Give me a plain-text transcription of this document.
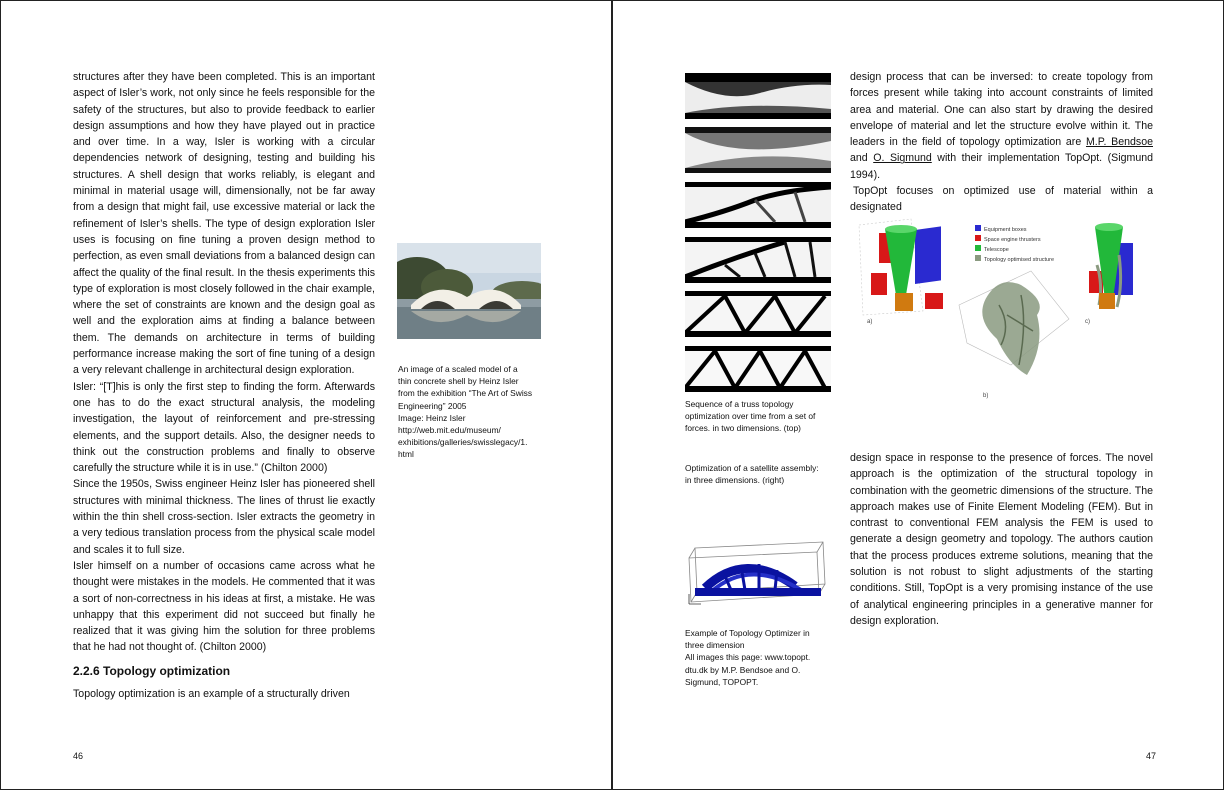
structures after they have been completed. This is an important aspect of Isler’s work, not only since he feels responsible for the safety of the structures, but also to provide feedback to earlier design assumptions and how they have played out in practice and over time. In a way, Isler is working with a circular dependencies network of designing, testing and building his structures. A shell design that works reliably, is elegant and minimal in material usage will, dimensionally, not be far away from a design that might fail, use excessive material or lack the refinement of Isler’s shells. The type of design exploration Isler uses is focusing on fine tuning a proven design method to perfection, as even small deviations from a balanced design can affect the quality of the final result. In the thesis experiments this type of exploration is most closely followed in the chair example, where the set of constraints are known and the design goal as well and the exploration aims at finding a balance between them. The demands on architecture in terms of building performance increase making the sort of fine tuning of a design a very relevant challenge in architectural design exploration.

Isler: “[T]his is only the first step to finding the form. Afterwards one has to do the exact structural analysis, the modeling investigation, the layout of reinforcement and pre-stressing elements, and the support details. Also, the designer needs to think out the construction problems and finally to observe carefully the structure while it is in use.” (Chilton 2000)

Since the 1950s, Swiss engineer Heinz Isler has pioneered shell structures with minimal thickness. The lines of thrust lie exactly within the thin shell cross-section. Isler extracts the geometry in a very tedious translation process from the physical scale model and scales it to full size.

Isler himself on a number of occasions came across what he thought were mistakes in the models. He commented that it was a sort of non-correctness in his ideas at first, a mistake. He was unhappy that this experiment did not succeed but finally he realized that it was giving him the solution for three problems that he had not thought of. (Chilton 2000)

2.2.6 Topology optimization

Topology optimization is an example of a structurally driven

An image of a scaled model of a

thin concrete shell by Heinz Isler

from the exhibition “The Art of Swiss

Engineering” 2005

Image: Heinz Isler

http://web.mit.edu/museum/

exhibitions/galleries/swisslegacy/1.

html

46

Sequence of a truss topology

optimization over time from a set of

forces. in two dimensions. (top)

Optimization of a satellite assembly:

in three dimensions. (right)

Example of Topology Optimizer in

three dimension

All images this page: www.topopt.

dtu.dk by M.P. Bendsoe and O.

Sigmund, TOPOPT.

design process that can be inversed: to create topology from forces present while taking into account constraints of limited area and material. One can also start by drawing the desired envelope of material and let the structure evolve within it. The leaders in the field of topology optimization are M.P. Bendsoe and O. Sigmund with their implementation TopOpt. (Sigmund 1994).

TopOpt focuses on optimized use of material within a designated

a)
Equipment boxes
Space engine thrusters
Telescope
Topology optimised structure
b)
c)

design space in response to the presence of forces. The novel approach is the optimization of the structural topology in combination with the geometric dimensions of the structure. The approach makes use of Finite Element Modeling (FEM). But in contrast to conventional FEM analysis the FEM is used to generate a design geometry and topology. The authors caution that the process produces extreme solutions, meaning that the solution is not robust to slight adjustments of the starting conditions. Still, TopOpt is a very promising instance of the use of analytical engineering principles in a generative manner for design exploration.

47
